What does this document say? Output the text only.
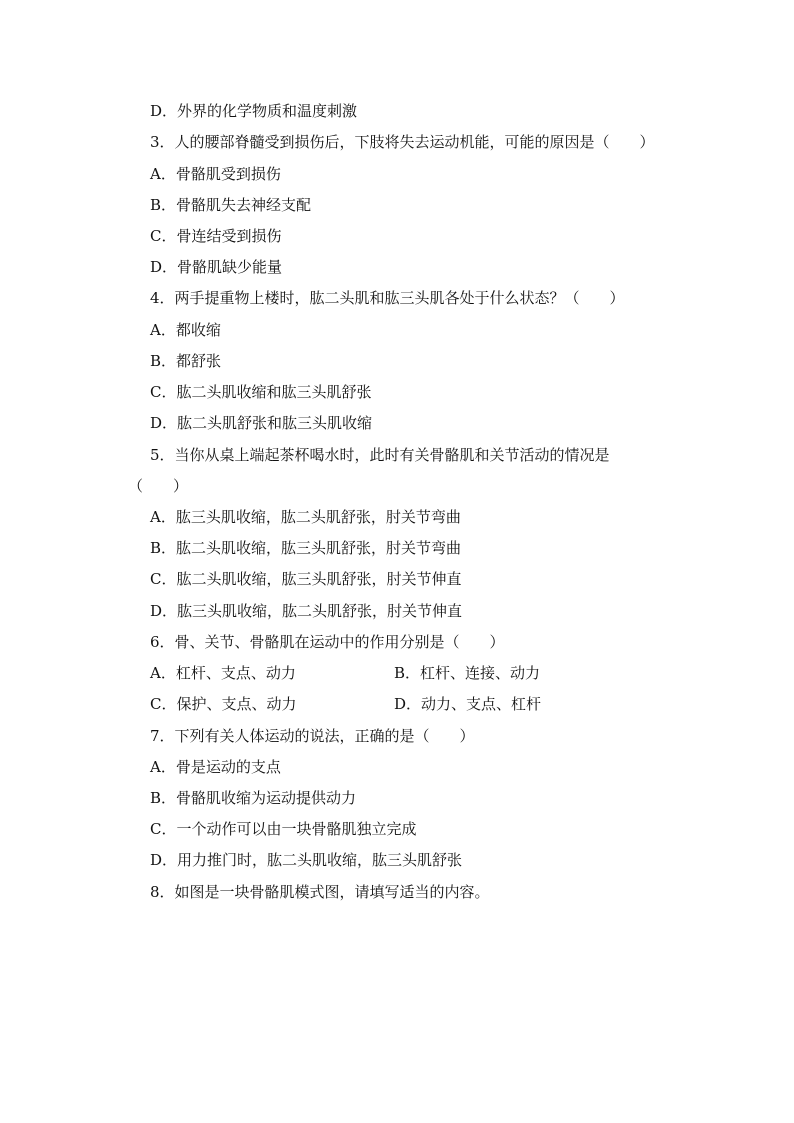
D．外界的化学物质和温度刺激
3．人的腰部脊髓受到损伤后，下肢将失去运动机能，可能的原因是（　　）
A．骨骼肌受到损伤
B．骨骼肌失去神经支配
C．骨连结受到损伤
D．骨骼肌缺少能量
4．两手提重物上楼时，肱二头肌和肱三头肌各处于什么状态？（　　）
A．都收缩
B．都舒张
C．肱二头肌收缩和肱三头肌舒张
D．肱二头肌舒张和肱三头肌收缩
5．当你从桌上端起茶杯喝水时，此时有关骨骼肌和关节活动的情况是
（　　）
A．肱三头肌收缩，肱二头肌舒张，肘关节弯曲
B．肱二头肌收缩，肱三头肌舒张，肘关节弯曲
C．肱二头肌收缩，肱三头肌舒张，肘关节伸直
D．肱三头肌收缩，肱二头肌舒张，肘关节伸直
6．骨、关节、骨骼肌在运动中的作用分别是（　　）
A．杠杆、支点、动力	B．杠杆、连接、动力
C．保护、支点、动力	D．动力、支点、杠杆
7．下列有关人体运动的说法，正确的是（　　）
A．骨是运动的支点
B．骨骼肌收缩为运动提供动力
C．一个动作可以由一块骨骼肌独立完成
D．用力推门时，肱二头肌收缩，肱三头肌舒张
8．如图是一块骨骼肌模式图，请填写适当的内容。
